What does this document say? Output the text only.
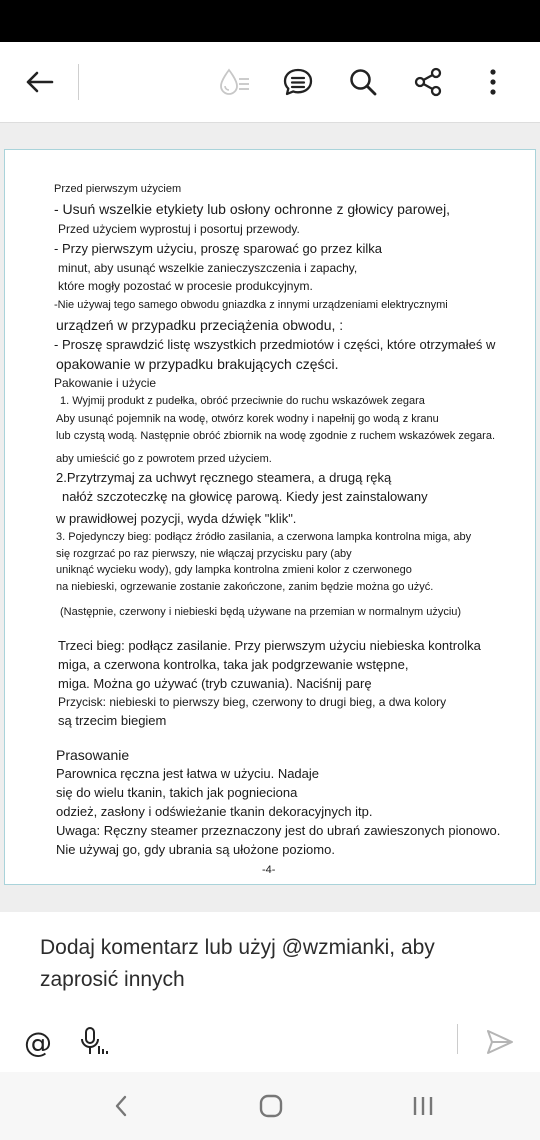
Przed pierwszym użyciem
- Usuń wszelkie etykiety lub osłony ochronne z głowicy parowej,
Przed użyciem wyprostuj i posortuj przewody.
- Przy pierwszym użyciu, proszę sparować go przez kilka
minut, aby usunąć wszelkie zanieczyszczenia i zapachy,
które mogły pozostać w procesie produkcyjnym.
-Nie używaj tego samego obwodu gniazdka z innymi urządzeniami elektrycznymi
urządzeń w przypadku przeciążenia obwodu, :
- Proszę sprawdzić listę wszystkich przedmiotów i części, które otrzymałeś w
opakowanie w przypadku brakujących części.
Pakowanie i użycie
1. Wyjmij produkt z pudełka, obróć przeciwnie do ruchu wskazówek zegara
Aby usunąć pojemnik na wodę, otwórz korek wodny i napełnij go wodą z kranu
lub czystą wodą. Następnie obróć zbiornik na wodę zgodnie z ruchem wskazówek zegara.
aby umieścić go z powrotem przed użyciem.
2.Przytrzymaj za uchwyt ręcznego steamera, a drugą ręką
nałóż szczoteczkę na głowicę parową. Kiedy jest zainstalowany
w prawidłowej pozycji, wyda dźwięk "klik".
3. Pojedynczy bieg: podłącz źródło zasilania, a czerwona lampka kontrolna miga, aby
się rozgrzać po raz pierwszy, nie włączaj przycisku pary (aby
uniknąć wycieku wody), gdy lampka kontrolna zmieni kolor z czerwonego
na niebieski, ogrzewanie zostanie zakończone, zanim będzie można go użyć.
(Następnie, czerwony i niebieski będą używane na przemian w normalnym użyciu)
Trzeci bieg: podłącz zasilanie. Przy pierwszym użyciu niebieska kontrolka
miga, a czerwona kontrolka, taka jak podgrzewanie wstępne,
miga. Można go używać (tryb czuwania). Naciśnij parę
Przycisk: niebieski to pierwszy bieg, czerwony to drugi bieg, a dwa kolory
są trzecim biegiem
Prasowanie
Parownica ręczna jest łatwa w użyciu. Nadaje
się do wielu tkanin, takich jak pognieciona
odzież, zasłony i odświeżanie tkanin dekoracyjnych itp.
Uwaga: Ręczny steamer przeznaczony jest do ubrań zawieszonych pionowo.
Nie używaj go, gdy ubrania są ułożone poziomo.
-4-
Dodaj komentarz lub użyj @wzmianki, aby zaprosić innych
@
